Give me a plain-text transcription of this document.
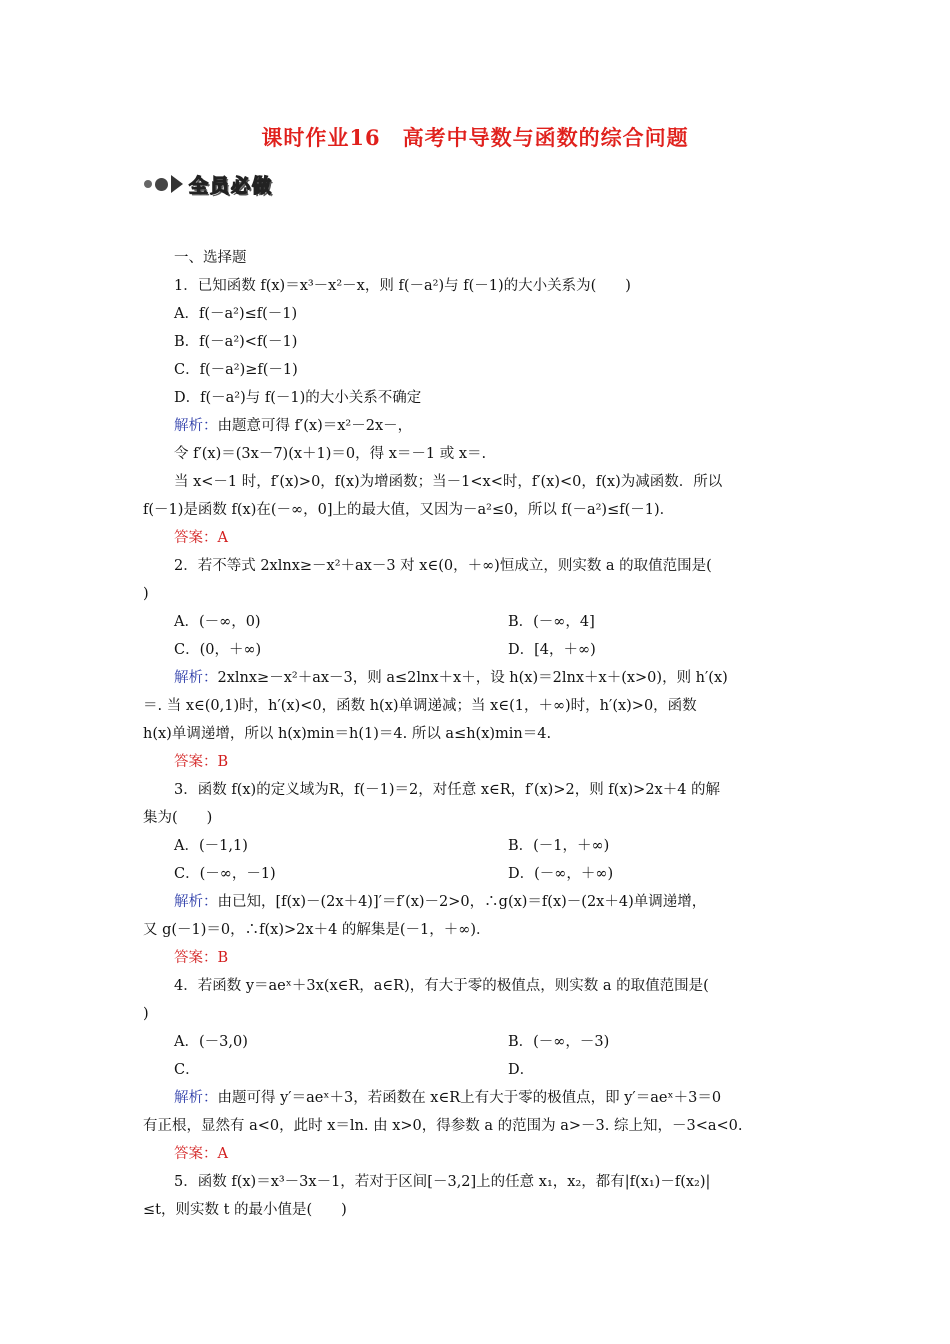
课时作业16　高考中导数与函数的综合问题
全员必做
一、选择题
1．已知函数 f(x)＝x³－x²－x，则 f(－a²)与 f(－1)的大小关系为(　　)
A．f(－a²)≤f(－1)
B．f(－a²)<f(－1)
C．f(－a²)≥f(－1)
D．f(－a²)与 f(－1)的大小关系不确定
解析：由题意可得 f′(x)＝x²－2x－，
令 f′(x)＝(3x－7)(x＋1)＝0，得 x＝－1 或 x＝.
当 x<－1 时，f′(x)>0，f(x)为增函数；当－1<x<时，f′(x)<0，f(x)为减函数．所以
f(－1)是函数 f(x)在(－∞，0]上的最大值，又因为－a²≤0，所以 f(－a²)≤f(－1)．
答案：A
2．若不等式 2xlnx≥－x²＋ax－3 对 x∈(0，＋∞)恒成立，则实数 a 的取值范围是(
)
A．(－∞，0)	B．(－∞，4]
C．(0，＋∞)	D．[4，＋∞)
解析：2xlnx≥－x²＋ax－3，则 a≤2lnx＋x＋，设 h(x)＝2lnx＋x＋(x>0)，则 h′(x)
＝. 当 x∈(0,1)时，h′(x)<0，函数 h(x)单调递减；当 x∈(1，＋∞)时，h′(x)>0，函数
h(x)单调递增，所以 h(x)min＝h(1)＝4. 所以 a≤h(x)min＝4.
答案：B
3．函数 f(x)的定义域为R，f(－1)＝2，对任意 x∈R，f′(x)>2，则 f(x)>2x＋4 的解
集为(　　)
A．(－1,1)	B．(－1，＋∞)
C．(－∞，－1)	D．(－∞，＋∞)
解析：由已知，[f(x)－(2x＋4)]′＝f′(x)－2>0，∴g(x)＝f(x)－(2x＋4)单调递增，
又 g(－1)＝0，∴f(x)>2x＋4 的解集是(－1，＋∞)．
答案：B
4．若函数 y＝aeˣ＋3x(x∈R，a∈R)，有大于零的极值点，则实数 a 的取值范围是(
)
A．(－3,0)	B．(－∞，－3)
C．	D．
解析：由题可得 y′＝aeˣ＋3，若函数在 x∈R上有大于零的极值点，即 y′＝aeˣ＋3＝0
有正根，显然有 a<0，此时 x＝ln. 由 x>0，得参数 a 的范围为 a>－3. 综上知，－3<a<0.
答案：A
5．函数 f(x)＝x³－3x－1，若对于区间[－3,2]上的任意 x₁，x₂，都有|f(x₁)－f(x₂)|
≤t，则实数 t 的最小值是(　　)
